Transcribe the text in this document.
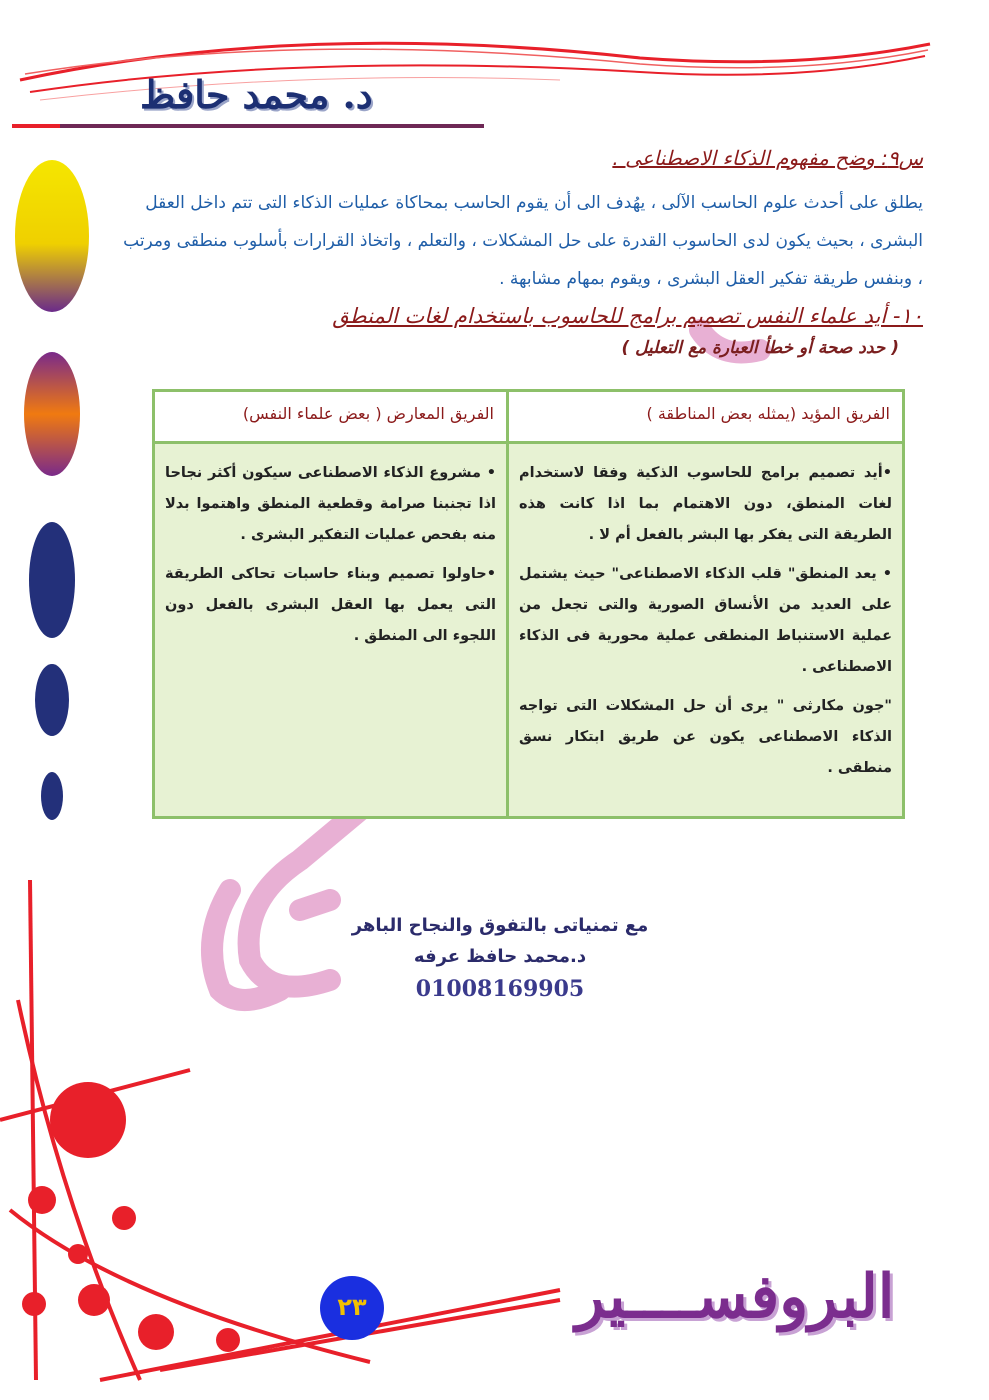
د. محمد حافظ
س٩: وضح مفهوم الذكاء الاصطناعى .
يطلق على أحدث علوم الحاسب الآلى ، يهُدف الى أن يقوم الحاسب بمحاكاة عمليات الذكاء التى تتم داخل العقل البشرى ، بحيث يكون لدى الحاسوب القدرة على حل المشكلات ، والتعلم ، واتخاذ القرارات بأسلوب منطقى ومرتب ، وبنفس طريقة تفكير العقل البشرى ، ويقوم بمهام مشابهة .
١٠- أيد علماء النفس تصميم برامج للحاسوب باستخدام لغات المنطق
( حدد صحة أو خطأ العبارة مع التعليل )
الفريق المؤيد (يمثله بعض المناطقة )
الفريق المعارض ( بعض علماء النفس)

•أيد تصميم برامج للحاسوب الذكية وفقا لاستخدام لغات المنطق، دون الاهتمام بما اذا كانت هذه الطريقة التى يفكر بها البشر بالفعل أم لا .

• يعد المنطق" قلب الذكاء الاصطناعى" حيث يشتمل على العديد من الأنساق الصورية والتى تجعل من عملية الاستنباط المنطقى عملية محورية فى الذكاء الاصطناعى .

"جون مكارثى " يرى أن حل المشكلات التى تواجه الذكاء الاصطناعى يكون عن طريق ابتكار نسق منطقى .

• مشروع الذكاء الاصطناعى سيكون أكثر نجاحا اذا تجنبنا صرامة وقطعية المنطق واهتموا بدلا منه بفحص عمليات التفكير البشرى .

•حاولوا تصميم وبناء حاسبات تحاكى الطريقة التى يعمل بها العقل البشرى بالفعل دون اللجوء الى المنطق .

مع تمنياتى بالتفوق والنجاح الباهر
د.محمد حافظ عرفه
01008169905
٢٣	البروفســــير
